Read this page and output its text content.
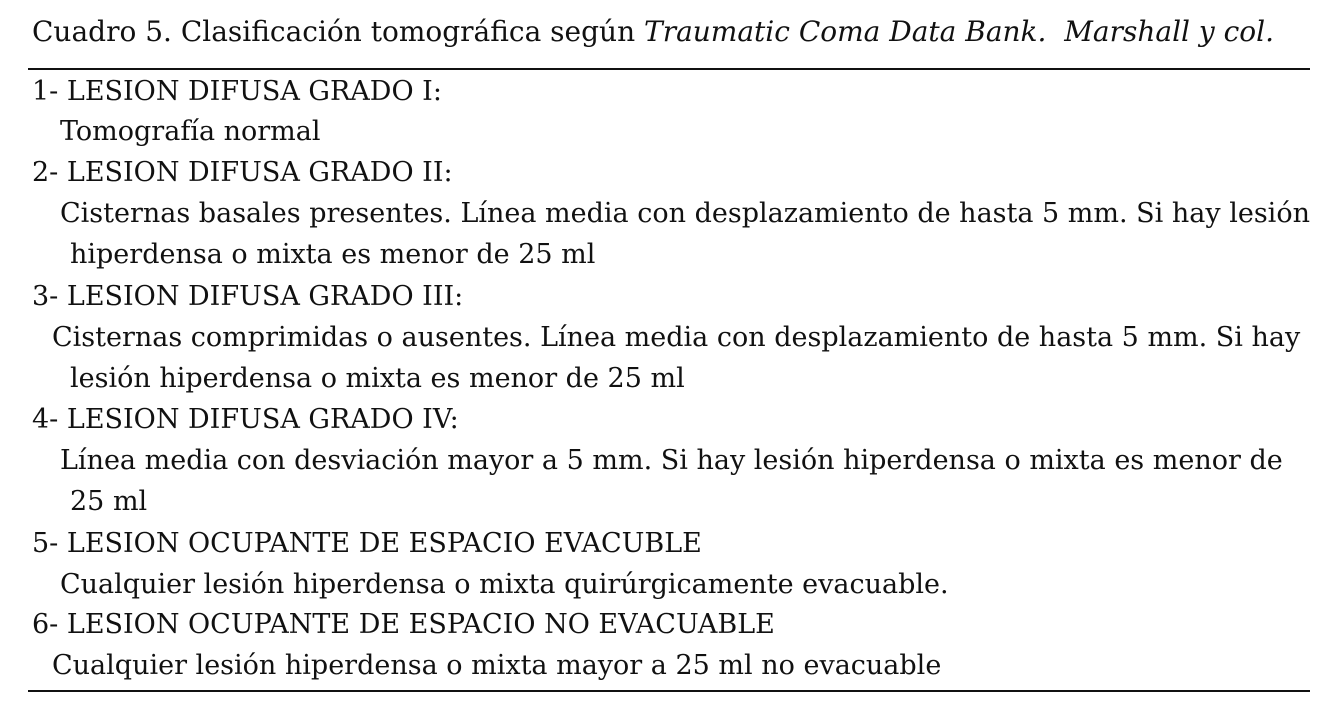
Cuadro 5. Clasificación tomográfica según Traumatic Coma Data Bank. Marshall y col.
1- LESION DIFUSA GRADO I:
Tomografía normal
2- LESION DIFUSA GRADO II:
Cisternas basales presentes. Línea media con desplazamiento de hasta 5 mm. Si hay lesión
hiperdensa o mixta es menor de 25 ml
3- LESION DIFUSA GRADO III:
Cisternas comprimidas o ausentes. Línea media con desplazamiento de hasta 5 mm. Si hay
lesión hiperdensa o mixta es menor de 25 ml
4- LESION DIFUSA GRADO IV:
Línea media con desviación mayor a 5 mm. Si hay lesión hiperdensa o mixta es menor de
25 ml
5- LESION OCUPANTE DE ESPACIO EVACUBLE
Cualquier lesión hiperdensa o mixta quirúrgicamente evacuable.
6- LESION OCUPANTE DE ESPACIO NO EVACUABLE
Cualquier lesión hiperdensa o mixta mayor a 25 ml no evacuable
